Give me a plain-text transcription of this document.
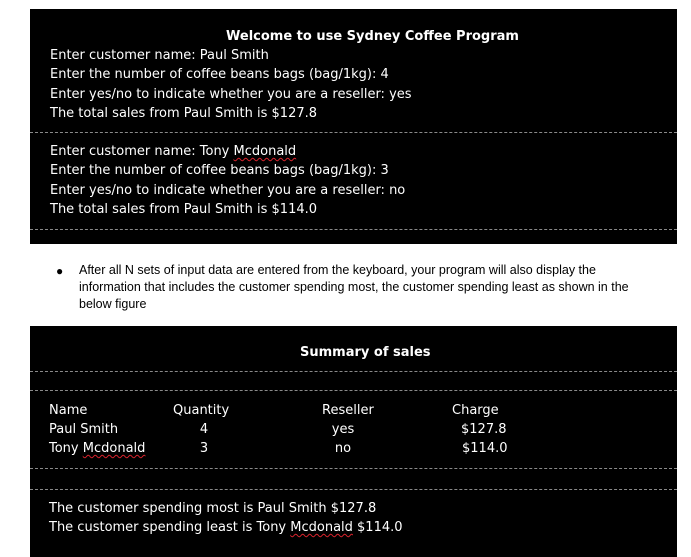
Welcome to use Sydney Coffee Program
Enter customer name: Paul Smith
Enter the number of coffee beans bags (bag/1kg): 4
Enter yes/no to indicate whether you are a reseller: yes
The total sales from Paul Smith is $127.8
Enter customer name: Tony Mcdonald
Enter the number of coffee beans bags (bag/1kg): 3
Enter yes/no to indicate whether you are a reseller: no
The total sales from Paul Smith is $114.0
● After all N sets of input data are entered from the keyboard, your program will also display the information that includes the customer spending most, the customer spending least as shown in the below figure
Summary of sales
Name	Quantity	Reseller	Charge
Paul Smith	4	yes	$127.8
Tony Mcdonald	3	no	$114.0
The customer spending most is Paul Smith $127.8
The customer spending least is Tony Mcdonald $114.0
